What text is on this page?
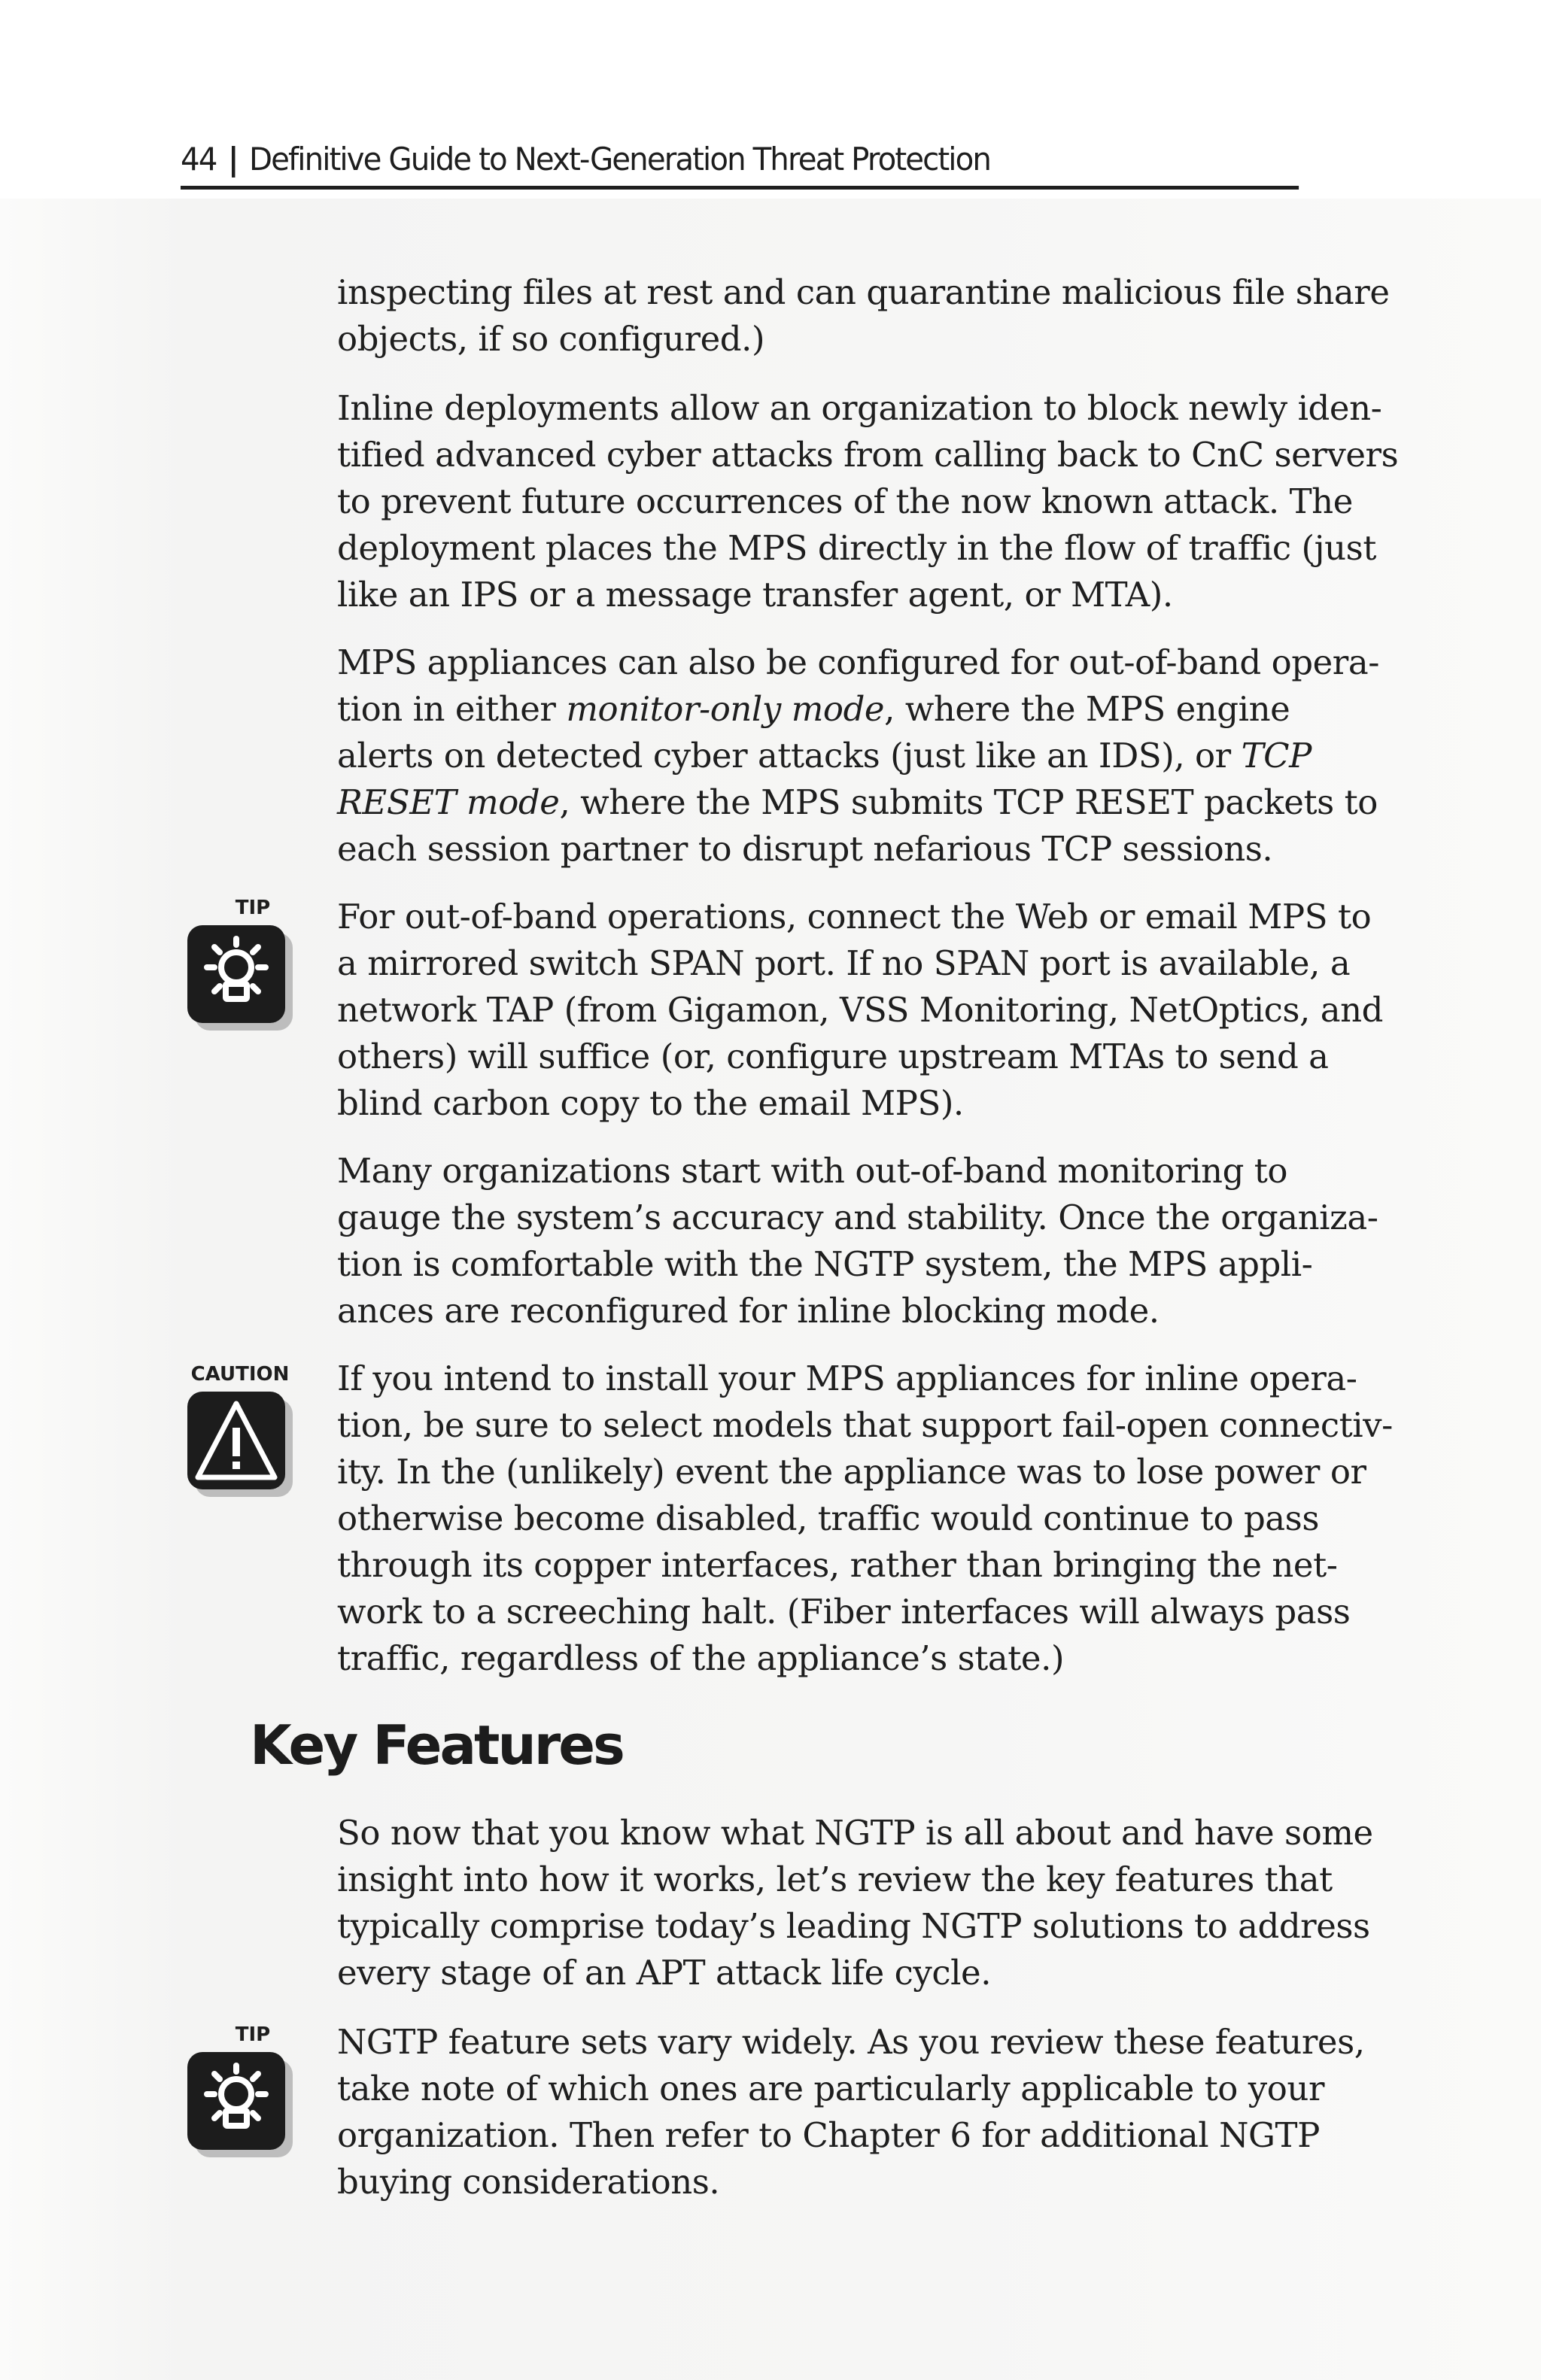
44 | Definitive Guide to Next-Generation Threat Protection
inspecting files at rest and can quarantine malicious file share
objects, if so configured.)
Inline deployments allow an organization to block newly iden-
tified advanced cyber attacks from calling back to CnC servers
to prevent future occurrences of the now known attack. The
deployment places the MPS directly in the flow of traffic (just
like an IPS or a message transfer agent, or MTA).
MPS appliances can also be configured for out-of-band opera-
tion in either monitor-only mode, where the MPS engine
alerts on detected cyber attacks (just like an IDS), or TCP
RESET mode, where the MPS submits TCP RESET packets to
each session partner to disrupt nefarious TCP sessions.
TIP	For out-of-band operations, connect the Web or email MPS to
a mirrored switch SPAN port. If no SPAN port is available, a
network TAP (from Gigamon, VSS Monitoring, NetOptics, and
others) will suffice (or, configure upstream MTAs to send a
blind carbon copy to the email MPS).
Many organizations start with out-of-band monitoring to
gauge the system’s accuracy and stability. Once the organiza-
tion is comfortable with the NGTP system, the MPS appli-
ances are reconfigured for inline blocking mode.
CAUTION	If you intend to install your MPS appliances for inline opera-
tion, be sure to select models that support fail-open connectiv-
ity. In the (unlikely) event the appliance was to lose power or
otherwise become disabled, traffic would continue to pass
through its copper interfaces, rather than bringing the net-
work to a screeching halt. (Fiber interfaces will always pass
traffic, regardless of the appliance’s state.)
Key Features
So now that you know what NGTP is all about and have some
insight into how it works, let’s review the key features that
typically comprise today’s leading NGTP solutions to address
every stage of an APT attack life cycle.
TIP	NGTP feature sets vary widely. As you review these features,
take note of which ones are particularly applicable to your
organization. Then refer to Chapter 6 for additional NGTP
buying considerations.
